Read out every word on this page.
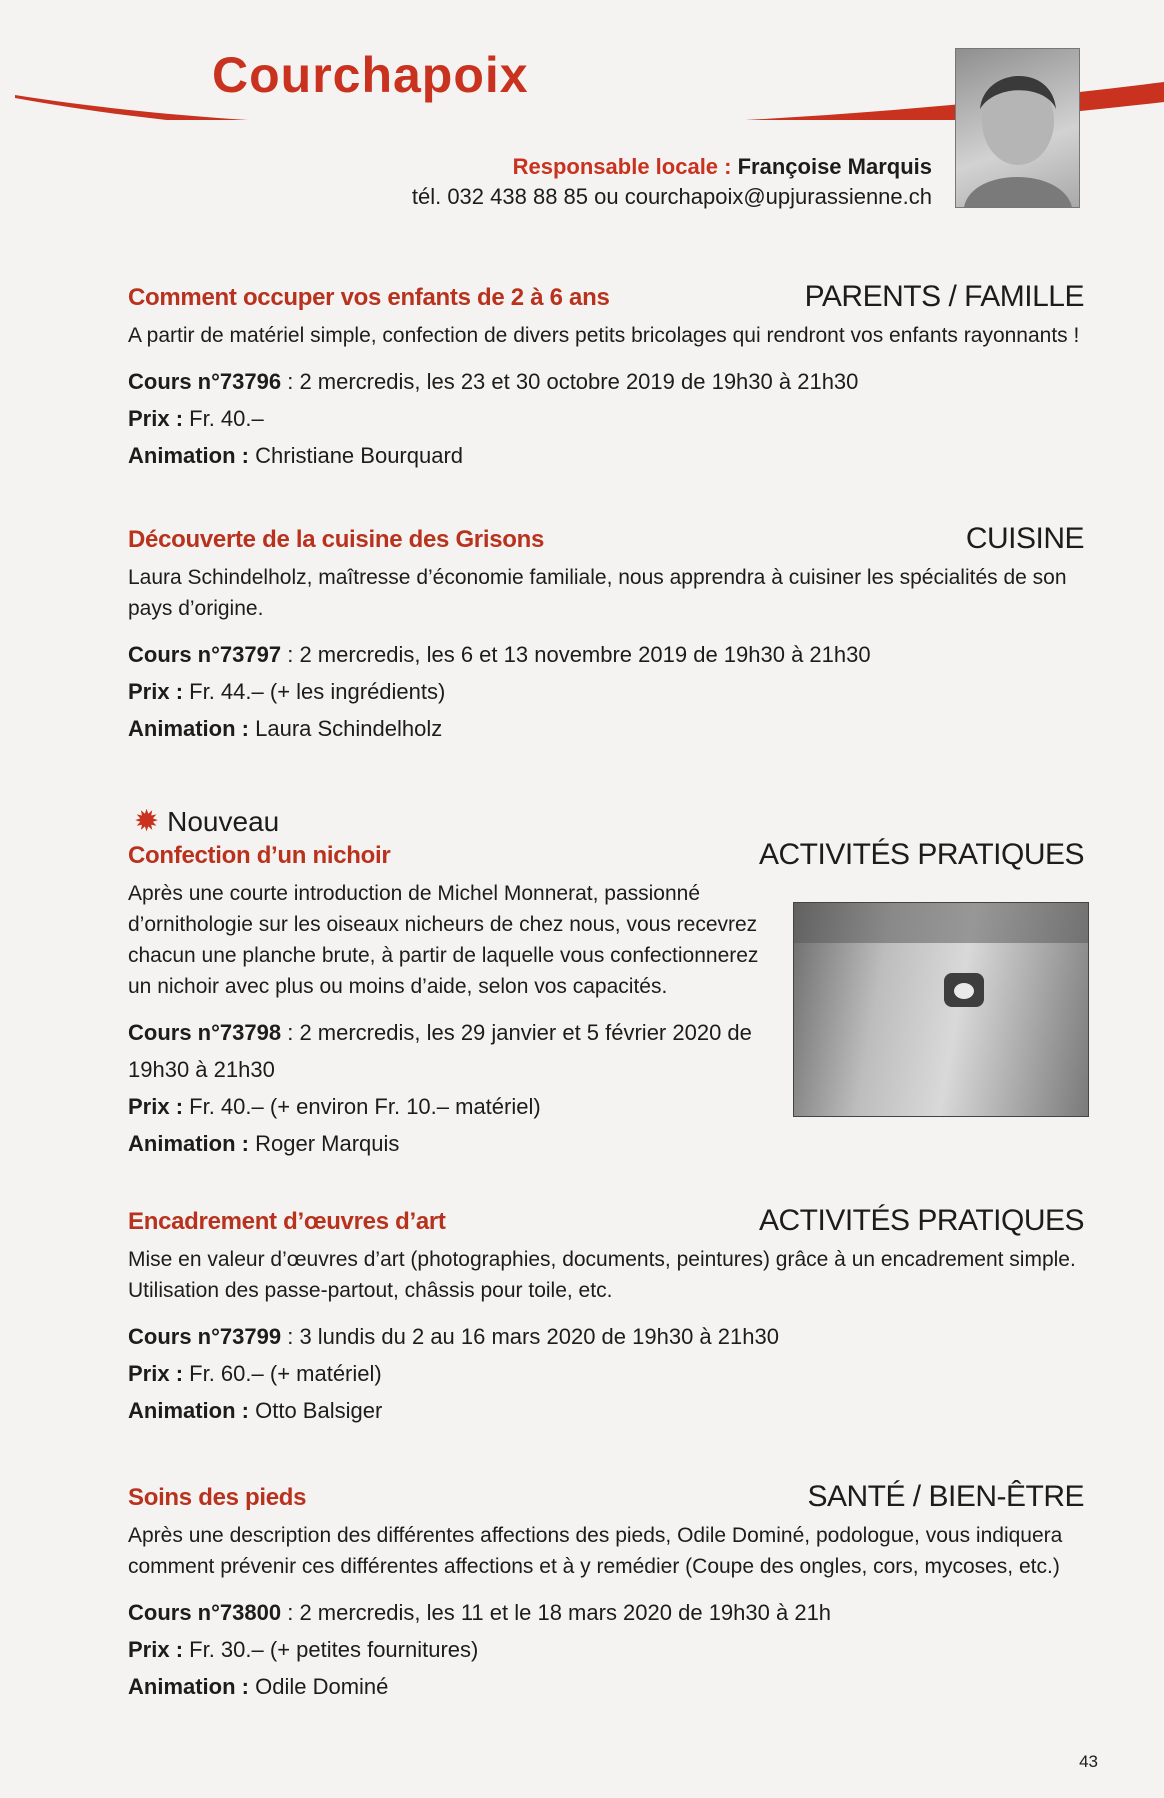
Courchapoix
Responsable locale : Françoise Marquis
tél. 032 438 88 85 ou courchapoix@upjurassienne.ch
Comment occuper vos enfants de 2 à 6 ans	PARENTS / FAMILLE

A partir de matériel simple, confection de divers petits bricolages qui rendront vos enfants rayonnants !

Cours n°73796 : 2 mercredis, les 23 et 30 octobre 2019 de 19h30 à 21h30
Prix : Fr. 40.–
Animation : Christiane Bourquard
Découverte de la cuisine des Grisons	CUISINE

Laura Schindelholz, maîtresse d’économie familiale, nous apprendra à cuisiner les spécialités de son pays d’origine.

Cours n°73797 : 2 mercredis, les 6 et 13 novembre 2019 de 19h30 à 21h30
Prix : Fr. 44.– (+ les ingrédients)
Animation : Laura Schindelholz
✹ Nouveau
Confection d’un nichoir	ACTIVITÉS PRATIQUES

Après une courte introduction de Michel Monnerat, passionné d’ornithologie sur les oiseaux nicheurs de chez nous, vous recevrez chacun une planche brute, à partir de laquelle vous confectionnerez un nichoir avec plus ou moins d’aide, selon vos capacités.

Cours n°73798 : 2 mercredis, les 29 janvier et 5 février 2020 de 19h30 à 21h30
Prix : Fr. 40.– (+ environ Fr. 10.– matériel)
Animation : Roger Marquis
Encadrement d’œuvres d’art	ACTIVITÉS PRATIQUES

Mise en valeur d’œuvres d’art (photographies, documents, peintures) grâce à un encadrement simple. Utilisation des passe-partout, châssis pour toile, etc.

Cours n°73799 : 3 lundis du 2 au 16 mars 2020 de 19h30 à 21h30
Prix : Fr. 60.– (+ matériel)
Animation : Otto Balsiger
Soins des pieds	SANTÉ / BIEN-ÊTRE

Après une description des différentes affections des pieds, Odile Dominé, podologue, vous indiquera comment prévenir ces différentes affections et à y remédier (Coupe des ongles, cors, mycoses, etc.)

Cours n°73800 : 2 mercredis, les 11 et le 18 mars 2020 de 19h30 à 21h
Prix : Fr. 30.– (+ petites fournitures)
Animation : Odile Dominé
43
